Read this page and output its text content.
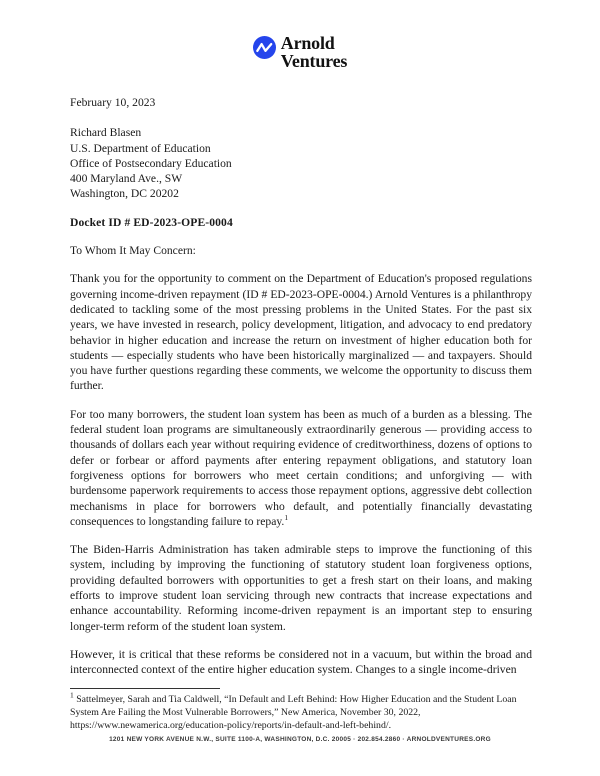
Arnold
Ventures
February 10, 2023
Richard Blasen
U.S. Department of Education
Office of Postsecondary Education
400 Maryland Ave., SW
Washington, DC 20202
Docket ID # ED-2023-OPE-0004
To Whom It May Concern:

Thank you for the opportunity to comment on the Department of Education's proposed regulations governing income-driven repayment (ID # ED-2023-OPE-0004.) Arnold Ventures is a philanthropy dedicated to tackling some of the most pressing problems in the United States. For the past six years, we have invested in research, policy development, litigation, and advocacy to end predatory behavior in higher education and increase the return on investment of higher education both for students — especially students who have been historically marginalized — and taxpayers. Should you have further questions regarding these comments, we welcome the opportunity to discuss them further.

For too many borrowers, the student loan system has been as much of a burden as a blessing. The federal student loan programs are simultaneously extraordinarily generous — providing access to thousands of dollars each year without requiring evidence of creditworthiness, dozens of options to defer or forbear or afford payments after entering repayment obligations, and statutory loan forgiveness options for borrowers who meet certain conditions; and unforgiving — with burdensome paperwork requirements to access those repayment options, aggressive debt collection mechanisms in place for borrowers who default, and potentially financially devastating consequences to longstanding failure to repay.$^1$

The Biden-Harris Administration has taken admirable steps to improve the functioning of this system, including by improving the functioning of statutory student loan forgiveness options, providing defaulted borrowers with opportunities to get a fresh start on their loans, and making efforts to improve student loan servicing through new contracts that increase expectations and enhance accountability. Reforming income-driven repayment is an important step to ensuring longer-term reform of the student loan system.

However, it is critical that these reforms be considered not in a vacuum, but within the broad and interconnected context of the entire higher education system. Changes to a single income-driven

$^1$ Sattelmeyer, Sarah and Tia Caldwell, “In Default and Left Behind: How Higher Education and the Student Loan System Are Failing the Most Vulnerable Borrowers,” New America, November 30, 2022, https://www.newamerica.org/education-policy/reports/in-default-and-left-behind/.
1201 NEW YORK AVENUE N.W., SUITE 1100-A, WASHINGTON, D.C. 20005 · 202.854.2860 · ARNOLDVENTURES.ORG
